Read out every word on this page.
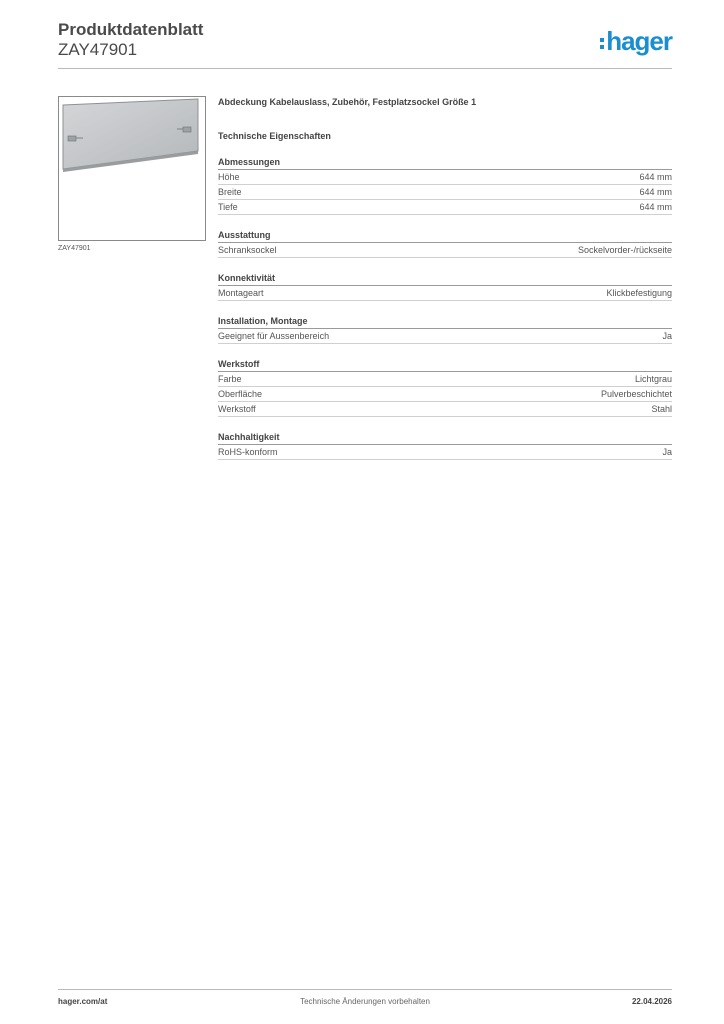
Produktdatenblatt
ZAY47901	hager
ZAY47901
Abdeckung Kabelauslass, Zubehör, Festplatzsockel Größe 1
Technische Eigenschaften
Abmessungen
Höhe	644 mm
Breite	644 mm
Tiefe	644 mm
Ausstattung
Schranksockel	Sockelvorder-/rückseite
Konnektivität
Montageart	Klickbefestigung
Installation, Montage
Geeignet für Aussenbereich	Ja
Werkstoff
Farbe	Lichtgrau
Oberfläche	Pulverbeschichtet
Werkstoff	Stahl
Nachhaltigkeit
RoHS-konform	Ja
hager.com/at	Technische Änderungen vorbehalten	22.04.2026
